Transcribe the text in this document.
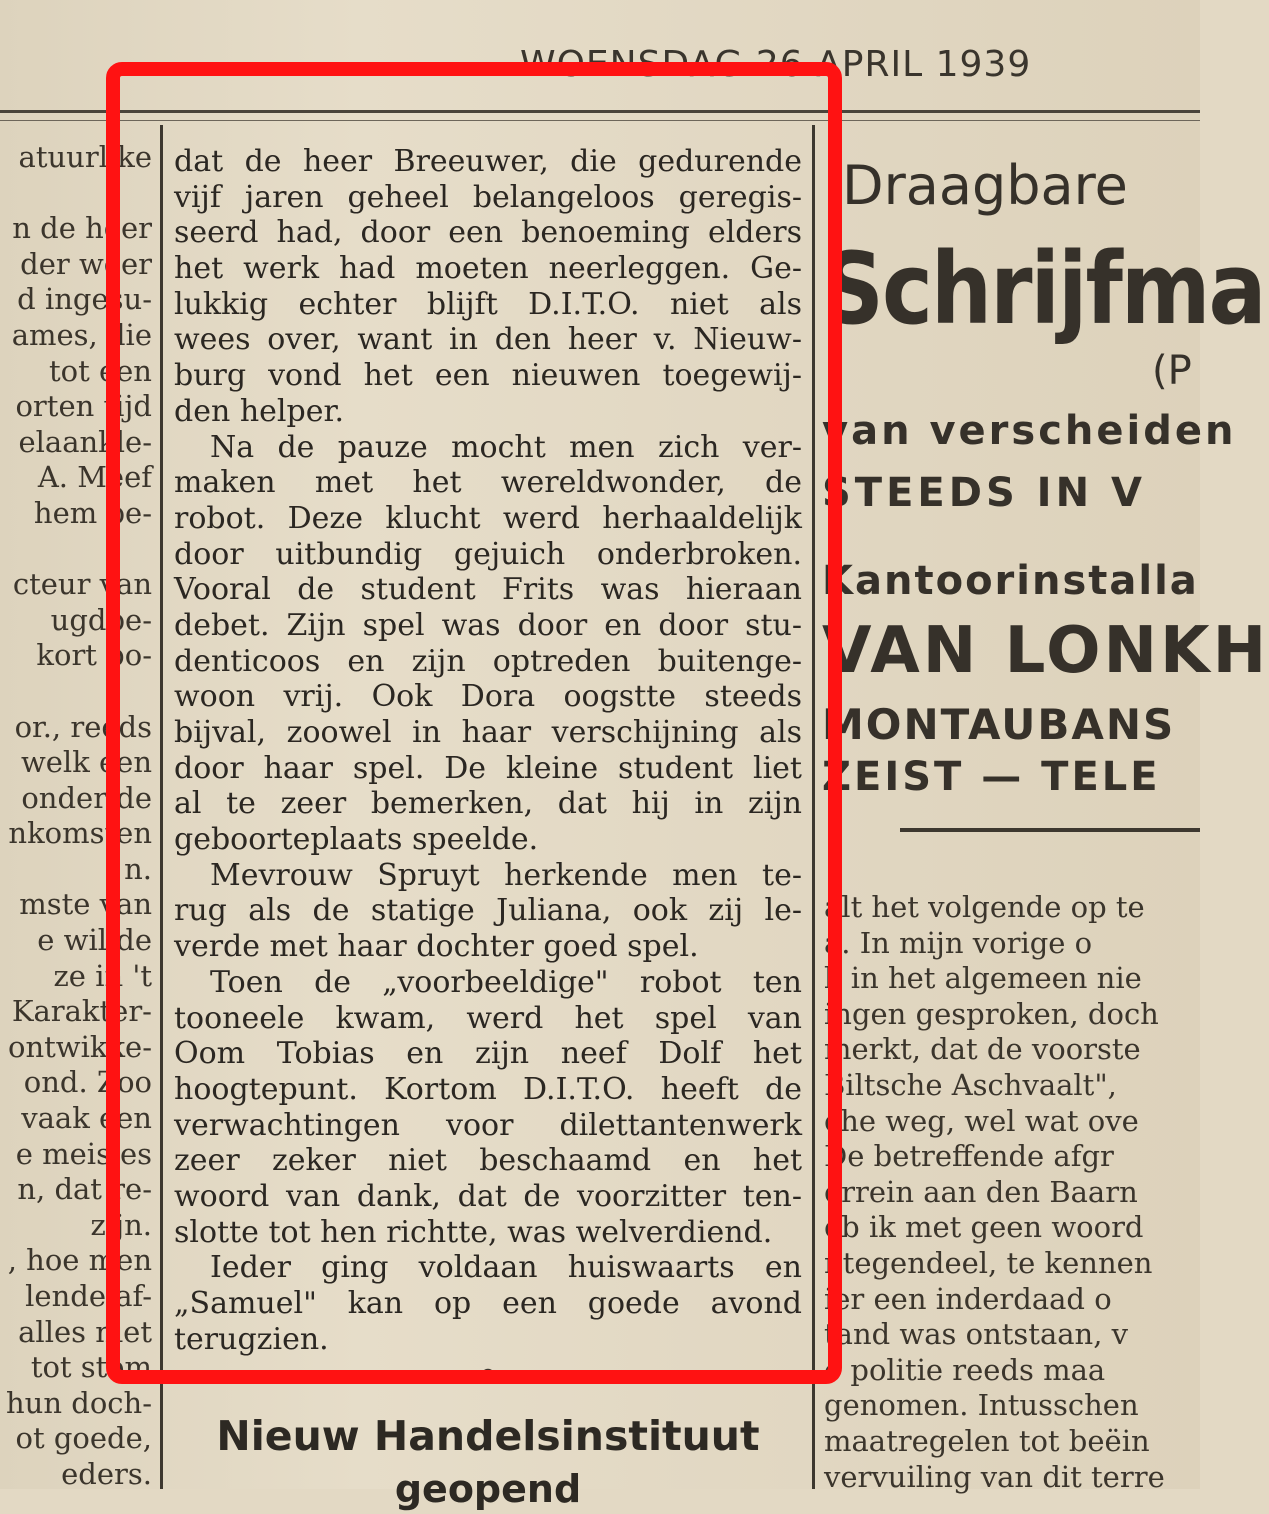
WOENSDAG 26 APRIL 1939
atuurlike
n de heer
der weer
d ingesu-
ames, die
tot een
orten tijd
elaankle-
A. Meef
hem be-
cteur van
ugdbe-
kort po-
or., reeds
welk een
onder de
nkomsten
n.
mste van
e wil de
ze in 't
Karakter-
ontwikke-
ond. Zoo
vaak een
e meisjes
n, dat re-
zijn.
, hoe men
lende af-
alles niet
tot stem
hun doch-
ot goede,
eders.
dat de heer Breeuwer, die gedurende
vijf jaren geheel belangeloos geregis-
seerd had, door een benoeming elders
het werk had moeten neerleggen. Ge-
lukkig echter blijft D.I.T.O. niet als
wees over, want in den heer v. Nieuw-
burg vond het een nieuwen toegewij-
den helper.
Na de pauze mocht men zich ver-
maken met het wereldwonder, de
robot. Deze klucht werd herhaaldelijk
door uitbundig gejuich onderbroken.
Vooral de student Frits was hieraan
debet. Zijn spel was door en door stu-
denticoos en zijn optreden buitenge-
woon vrij. Ook Dora oogstte steeds
bijval, zoowel in haar verschijning als
door haar spel. De kleine student liet
al te zeer bemerken, dat hij in zijn
geboorteplaats speelde.
Mevrouw Spruyt herkende men te-
rug als de statige Juliana, ook zij le-
verde met haar dochter goed spel.
Toen de „voorbeeldige" robot ten
tooneele kwam, werd het spel van
Oom Tobias en zijn neef Dolf het
hoogtepunt. Kortom D.I.T.O. heeft de
verwachtingen voor dilettantenwerk
zeer zeker niet beschaamd en het
woord van dank, dat de voorzitter ten-
slotte tot hen richtte, was welverdiend.
Ieder ging voldaan huiswaarts en
„Samuel" kan op een goede avond
terugzien.
—o—
Nieuw Handelsinstituut
geopend
Draagbare
Schrijfma
(P
van verscheiden
STEEDS IN V
Kantoorinstalla
VAN LONKH
MONTAUBANS
ZEIST — TELE
alt het volgende op te
a. In mijn vorige o
k in het algemeen nie
ingen gesproken, doch
merkt, dat de voorste
Biltsche Aschvaalt",
che weg, wel wat ove
De betreffende afgr
errein aan den Baarn
eb ik met geen woord
ntegendeel, te kennen
ier een inderdaad o
tand was ontstaan, v
e politie reeds maa
genomen. Intusschen
maatregelen tot beëin
vervuiling van dit terre
